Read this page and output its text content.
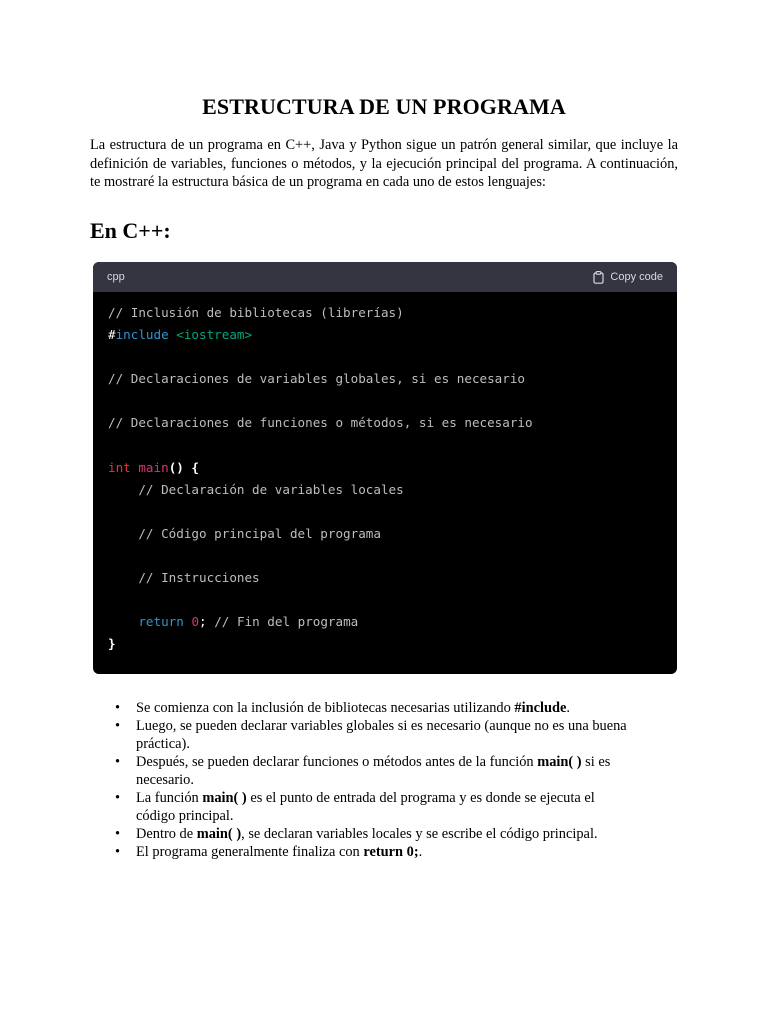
ESTRUCTURA DE UN PROGRAMA

La estructura de un programa en C++, Java y Python sigue un patrón general similar, que incluye la definición de variables, funciones o métodos, y la ejecución principal del programa. A continuación, te mostraré la estructura básica de un programa en cada uno de estos lenguajes:

En C++:
cpp	Copy code
// Inclusión de bibliotecas (librerías)
#include <iostream>

// Declaraciones de variables globales, si es necesario

// Declaraciones de funciones o métodos, si es necesario

int main() {
// Declaración de variables locales

// Código principal del programa

// Instrucciones

return 0; // Fin del programa
}
• Se comienza con la inclusión de bibliotecas necesarias utilizando #include.
• Luego, se pueden declarar variables globales si es necesario (aunque no es una buena práctica).
• Después, se pueden declarar funciones o métodos antes de la función main( ) si es necesario.
• La función main( ) es el punto de entrada del programa y es donde se ejecuta el código principal.
• Dentro de main( ), se declaran variables locales y se escribe el código principal.
• El programa generalmente finaliza con return 0;.
